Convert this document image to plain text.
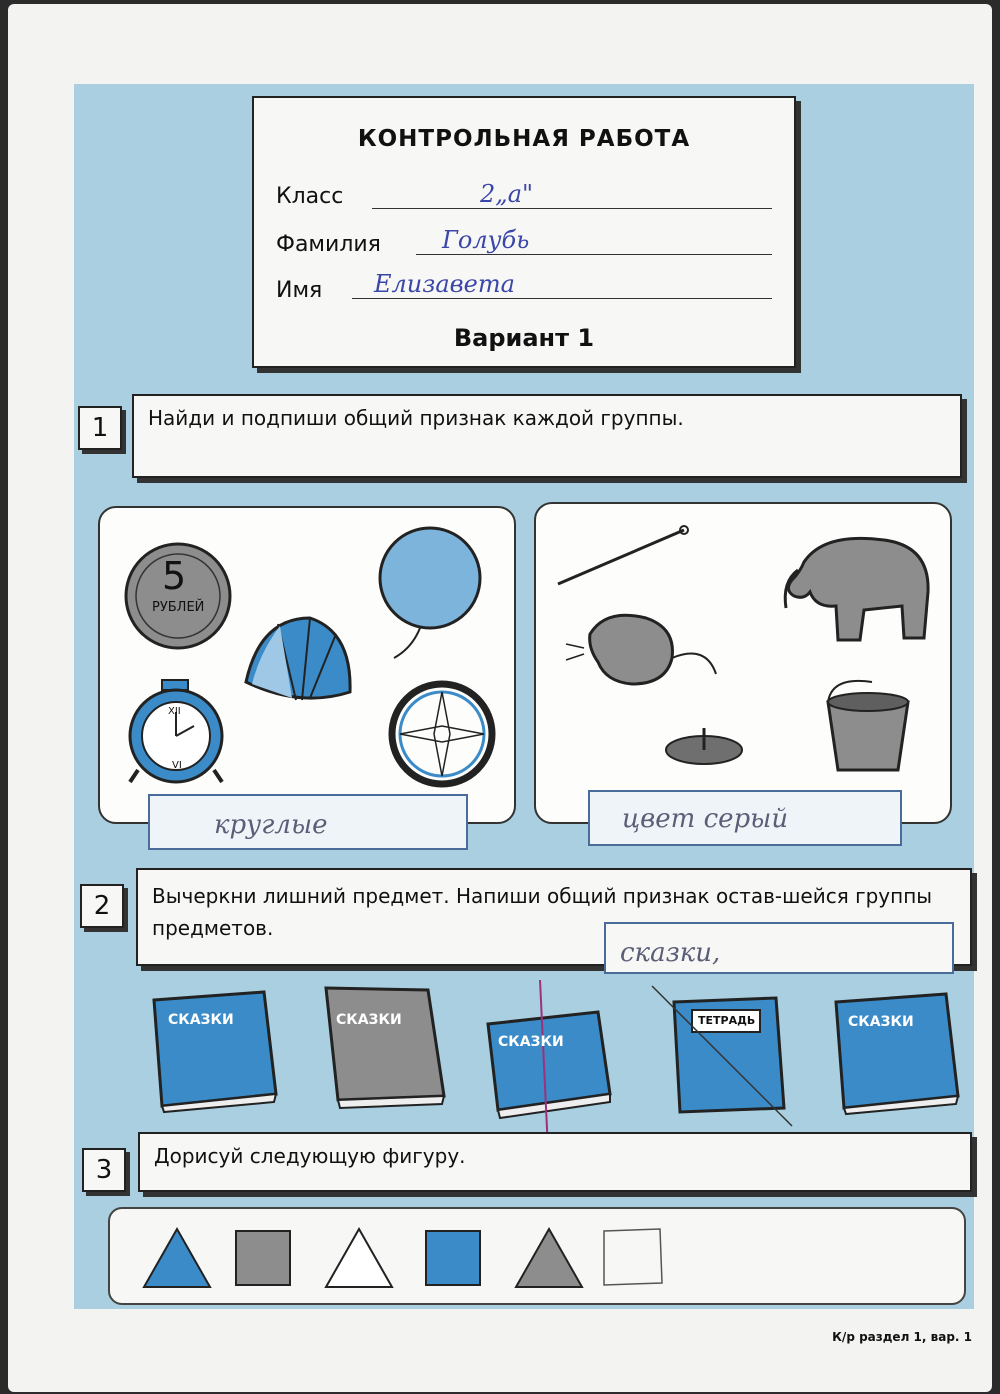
КОНТРОЛЬНАЯ РАБОТА
Класс	2„а"
Фамилия	Голубь
Имя Елизавета
Вариант 1
1	Найди и подпиши общий признак каждой группы.
5
РУБЛЕЙ
XII
VI
круглые	цвет серый
2	Вычеркни лишний предмет. Напиши общий признак остав-шейся группы предметов.
сказки,
СКАЗКИ	СКАЗКИ
СКАЗКИ
ТЕТРАДЬ	СКАЗКИ
3	Дорисуй следующую фигуру.
К/р раздел 1, вар. 1
